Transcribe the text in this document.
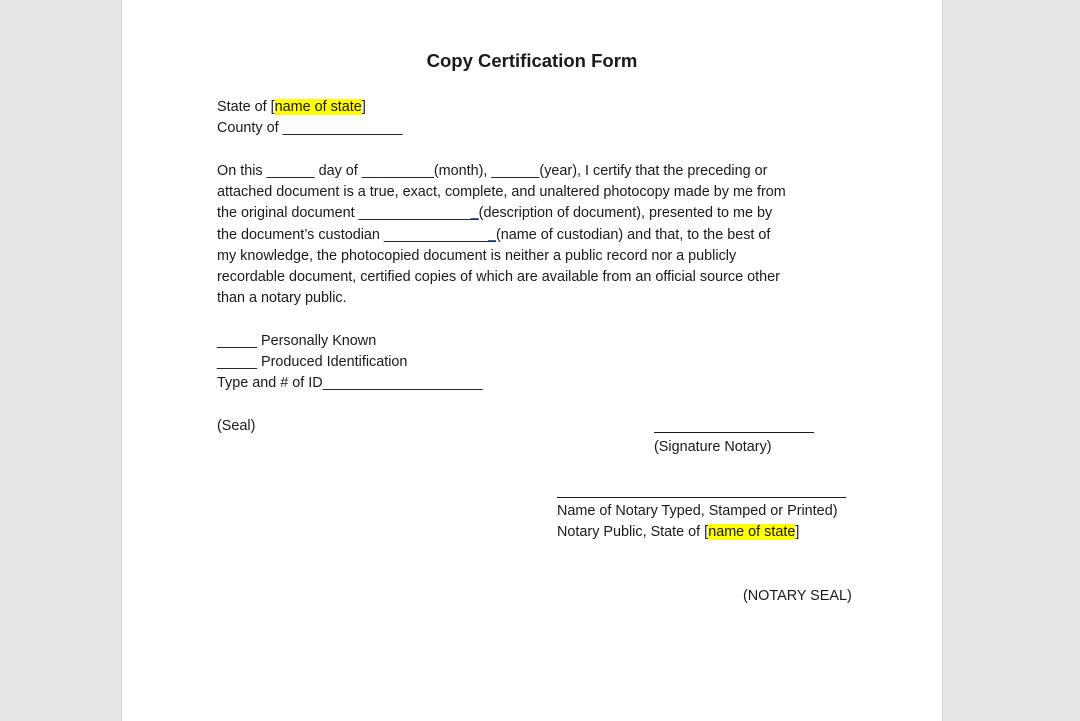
Copy Certification Form
State of [name of state]
County of _______________
On this ______ day of _________(month), ______(year), I certify that the preceding or
attached document is a true, exact, complete, and unaltered photocopy made by me from
the original document _______________(description of document), presented to me by
the document’s custodian ______________(name of custodian) and that, to the best of
my knowledge, the photocopied document is neither a public record nor a publicly
recordable document, certified copies of which are available from an official source other
than a notary public.
_____ Personally Known
_____ Produced Identification
Type and # of ID____________________
(Seal)
(Signature Notary)
Name of Notary Typed, Stamped or Printed)
Notary Public, State of [name of state]
(NOTARY SEAL)
